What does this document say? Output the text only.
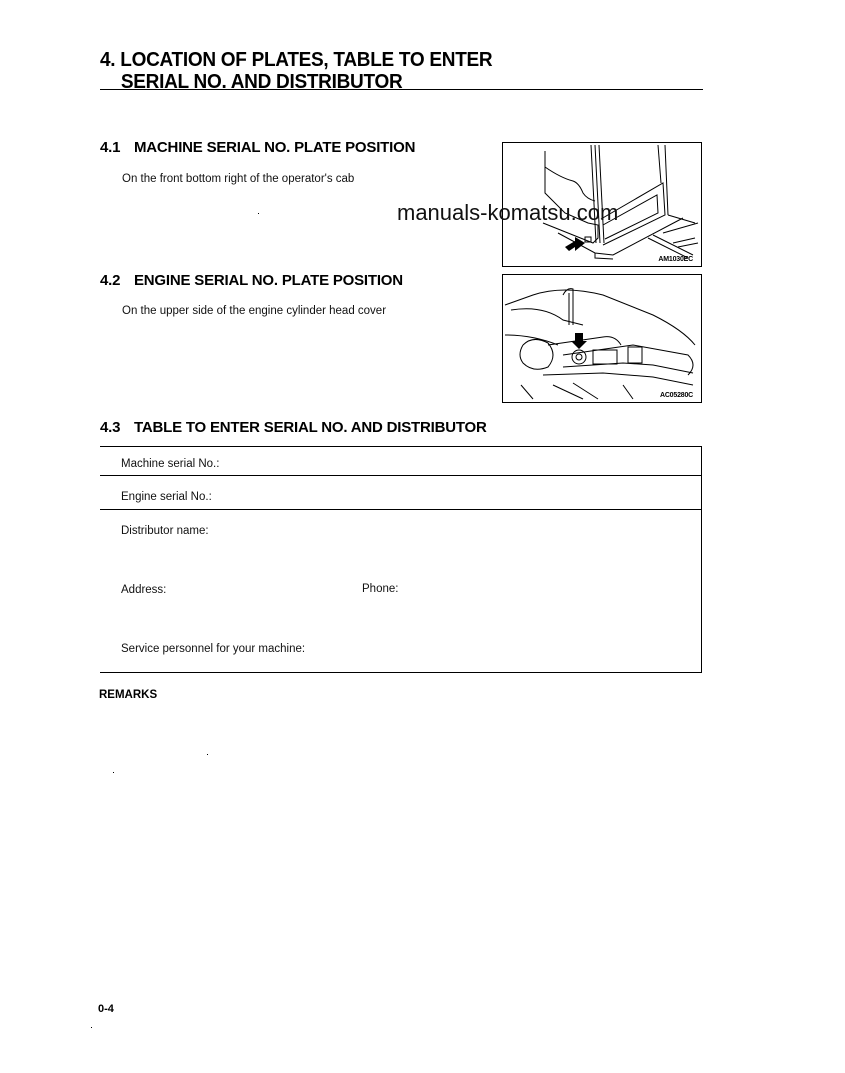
4. LOCATION OF PLATES, TABLE TO ENTER
SERIAL NO. AND DISTRIBUTOR
4.1 MACHINE SERIAL NO. PLATE POSITION
On the front bottom right of the operator's cab
AM1030EC
manuals-komatsu.com
4.2 ENGINE SERIAL NO. PLATE POSITION
On the upper side of the engine cylinder head cover
AC05280C
4.3 TABLE TO ENTER SERIAL NO. AND DISTRIBUTOR
Machine serial No.:
Engine serial No.:
Distributor name:
Address:	Phone:
Service personnel for your machine:
REMARKS
0-4
